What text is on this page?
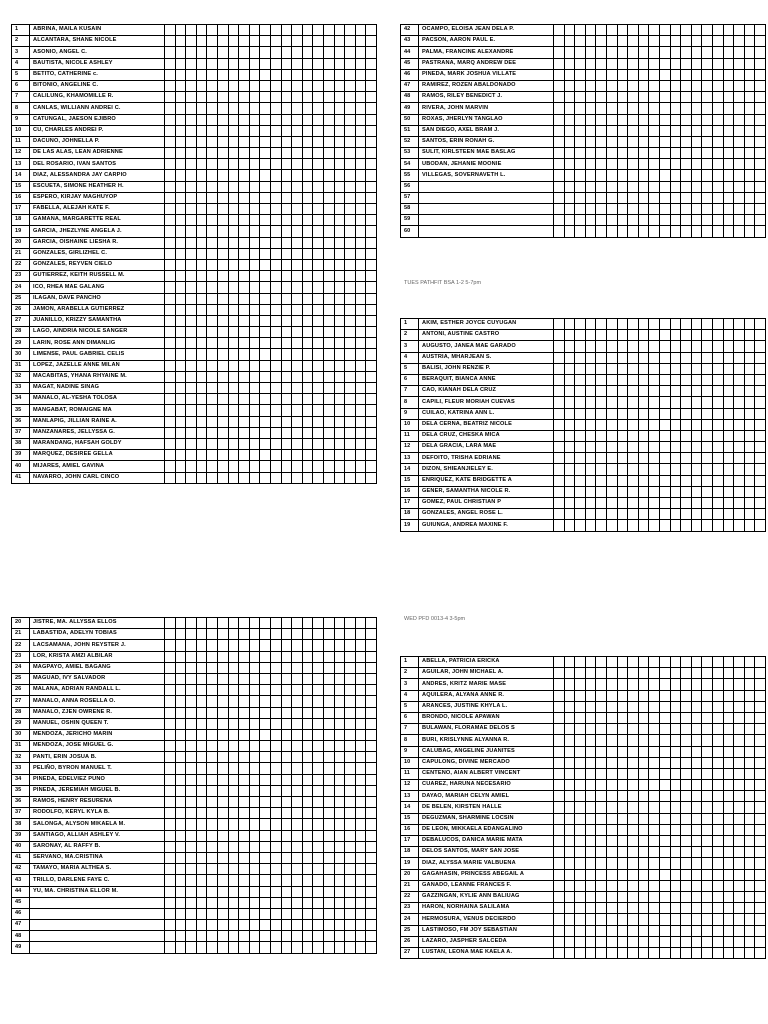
1	ABRINA, MAILA KUSAIN																				
2	ALCANTARA, SHANE NICOLE																				
3	ASONIO, ANGEL C.																				
4	BAUTISTA, NICOLE ASHLEY																				
5	BETITO, CATHERINE c.																				
6	BITONIO, ANGELINE C.																				
7	CALILUNG, KHAMOMILLE R.																				
8	CANLAS, WILLIANN ANDREI C.																				
9	CATUNGAL, JAESON EJIBRO																				
10	CU, CHARLES ANDREI P.																				
11	DACUNO, JOHNELLA P.																				
12	DE LAS ALAS, LEAN ADRIENNE																				
13	DEL ROSARIO, IVAN SANTOS																				
14	DIAZ, ALESSANDRA JAY CARPIO																				
15	ESCUETA, SIMONE HEATHER H.																				
16	ESPERO, KIRJAY MAGHUYOP																				
17	FABELLA, ALEJAH KATE F.																				
18	GAMANA, MARGARETTE REAL																				
19	GARCIA, JHEZLYNE ANGELA J.																				
20	GARCIA, OISHAINE LIESHA R.																				
21	GONZALES, GIRLIZHEL C.																				
22	GONZALES, REYVEN CIELO																				
23	GUTIERREZ, KEITH RUSSELL M.																				
24	ICO, RHEA MAE GALANG																				
25	ILAGAN, DAVE PANCHO																				
26	JAMON, ARABELLA GUTIERREZ																				
27	JUANILLO, KRIZZY SAMANTHA																				
28	LAGO, AINDRIA NICOLE SANGER																				
29	LARIN, ROSE ANN DIMANLIG																				
30	LIMENSE, PAUL GABRIEL CELIS																				
31	LOPEZ, JAZELLE ANNE MILAN																				
32	MACABITAS, YHANA RHYAINE M.																				
33	MAGAT, NADINE SINAG																				
34	MANALO, AL-YESHA TOLOSA																				
35	MANGABAT, ROMAIGNE MA																				
36	MANLAPIG, JILLIAN RAINE A.																				
37	MANZANARES, JELLYSSA G.																				
38	MARANDANG, HAFSAH GOLDY																				
39	MARQUEZ, DESIREE GELLA																				
40	MIJARES, AMIEL GAVINA																				
41	NAVARRO, JOHN CARL CINCO																				
42	OCAMPO, ELOISA JEAN DELA P.																				
43	PACSON, AARON PAUL E.																				
44	PALMA, FRANCINE ALEXANDRE																				
45	PASTRANA, MARQ ANDREW DEE																				
46	PINEDA, MARK JOSHUA VILLATE																				
47	RAMIREZ, ROZEN ABALDONADO																				
48	RAMOS, RILEY BENEDICT J.																				
49	RIVERA, JOHN MARVIN																				
50	ROXAS, JHERLYN TANGLAO																				
51	SAN DIEGO, AXEL BRAM J.																				
52	SANTOS, ERIN RONAH G.																				
53	SULIT, KIRLSTEEN MAE BASLAG																				
54	UBODAN, JEHANIE MOONIE																				
55	VILLEGAS, SOVERNAVETH L.																				
56																					
57																					
58																					
59																					
60																					
TUES PATHFIT BSA 1-2 5-7pm
1	AKIM, ESTHER JOYCE CUYUGAN																				
2	ANTONI, AUSTINE CASTRO																				
3	AUGUSTO, JANEA MAE GARADO																				
4	AUSTRIA, MHARJEAN S.																				
5	BALISI, JOHN RENZIE P.																				
6	BERAQUIT, BIANCA ANNE																				
7	CAO, KIANAH DELA CRUZ																				
8	CAPILI, FLEUR MORIAH CUEVAS																				
9	CUILAO, KATRINA ANN L.																				
10	DELA CERNA, BEATRIZ NICOLE																				
11	DELA CRUZ, CHESKA MICA																				
12	DELA GRACIA, LARA MAE																				
13	DEFOITO, TRISHA EDRIANE																				
14	DIZON, SHIEANJIELEY E.																				
15	ENRIQUEZ, KATE BRIDGETTE A																				
16	GENER, SAMANTHA NICOLE R.																				
17	GOMEZ, PAUL CHRISTIAN P																				
18	GONZALES, ANGEL ROSE L.																				
19	GUIUNGA, ANDREA MAXINE F.																				
20	JISTRE, MA. ALLYSSA ELLOS																				
21	LABASTIDA, ADELYN TOBIAS																				
22	LACSAMANA, JOHN REYSTER J.																				
23	LOR, KRISTA AMZI ALBILAR																				
24	MAGPAYO, AMIEL BAGANG																				
25	MAGUAD, IVY SALVADOR																				
26	MALANA, ADRIAN RANDALL L.																				
27	MANALO, ANNA ROSELLA O.																				
28	MANALO, ZJEN OWRENE R.																				
29	MANUEL, OSHIN QUEEN T.																				
30	MENDOZA, JERICHO MARIN																				
31	MENDOZA, JOSE MIGUEL G.																				
32	PANTI, ERIN JOSUA B.																				
33	PELIÑO, BYRON MANUEL T.																				
34	PINEDA, EDELVIEZ PUNO																				
35	PINEDA, JEREMIAH MIGUEL B.																				
36	RAMOS, HENRY RESURENA																				
37	RODOLFO, KERYL KYLA B.																				
38	SALONGA, ALYSON MIKAELA M.																				
39	SANTIAGO, ALLIAH ASHLEY V.																				
40	SARONAY, AL RAFFY B.																				
41	SERVANO, MA.CRISTINA																				
42	TAMAYO, MARIA ALTHEA S.																				
43	TRILLO, DARLENE FAYE C.																				
44	YU, MA. CHRISTINA ELLOR M.																				
45																					
46																					
47																					
48																					
49																					
WED PFD 0013-4 3-5pm
1	ABELLA, PATRICIA ERICKA																				
2	AGUILAR, JOHN MICHAEL A.																				
3	ANDRES, KRITZ MARIE MASE																				
4	AQUILERA, ALYANA ANNE R.																				
5	ARANCES, JUSTINE KHYLA L.																				
6	BRONDO, NICOLE APAWAN																				
7	BULAWAN, FLORAMAE DELOS S																				
8	BURI, KRISLYNNE ALYANNA R.																				
9	CALUBAG, ANGELINE JUANITES																				
10	CAPULONG, DIVINE MERCADO																				
11	CENTENO, AIAN ALBERT VINCENT																				
12	CUAREZ, HARUNA NECESARIO																				
13	DAYAO, MARIAH CELYN AMIEL																				
14	DE BELEN, KIRSTEN HALLE																				
15	DEGUZMAN, SHARMINE LOCSIN																				
16	DE LEON, MIKKAELA EDANGALINO																				
17	DEBALUCOS, DANICA MARIE MATA																				
18	DELOS SANTOS, MARY SAN JOSE																				
19	DIAZ, ALYSSA MARIE VALBUENA																				
20	GAGAHASIN, PRINCESS ABEGAIL A																				
21	GANADO, LEANNE FRANCES F.																				
22	GAZZINGAN, KYLIE ANN BALIUAG																				
23	HARON, NORHAINA SALILAMA																				
24	HERMOSURA, VENUS DECIERDO																				
25	LASTIMOSO, FM JOY SEBASTIAN																				
26	LAZARO, JASPHER SALCEDA																				
27	LUSTAN, LEONA MAE KAELA A.																				
